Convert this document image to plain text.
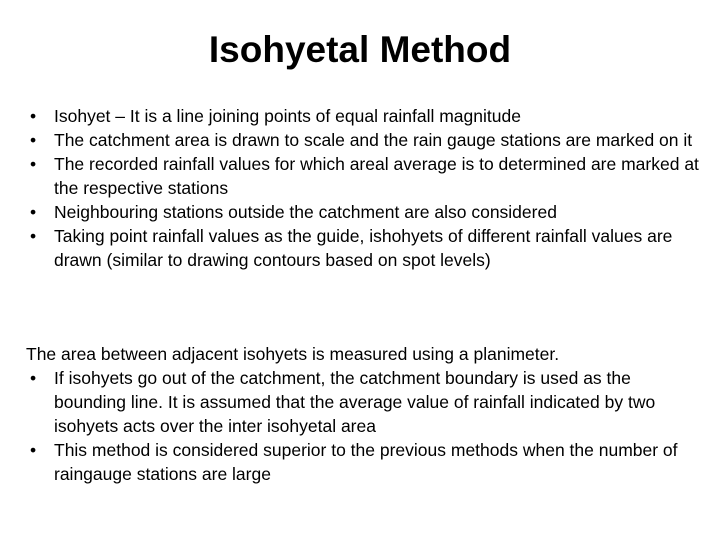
Isohyetal Method
• Isohyet – It is a line joining points of equal rainfall magnitude
• The catchment area is drawn to scale and the rain gauge stations are marked on it
• The recorded rainfall values for which areal average is to determined are marked at the respective stations
• Neighbouring stations outside the catchment are also considered
• Taking point rainfall values as the guide, ishohyets of different rainfall values are drawn (similar to drawing contours based on spot levels)

The area between adjacent isohyets is measured using a planimeter.

• If isohyets go out of the catchment, the catchment boundary is used as the bounding line. It is assumed that the average value of rainfall indicated by two isohyets acts over the inter isohyetal area
• This method is considered superior to the previous methods when the number of raingauge stations are large
